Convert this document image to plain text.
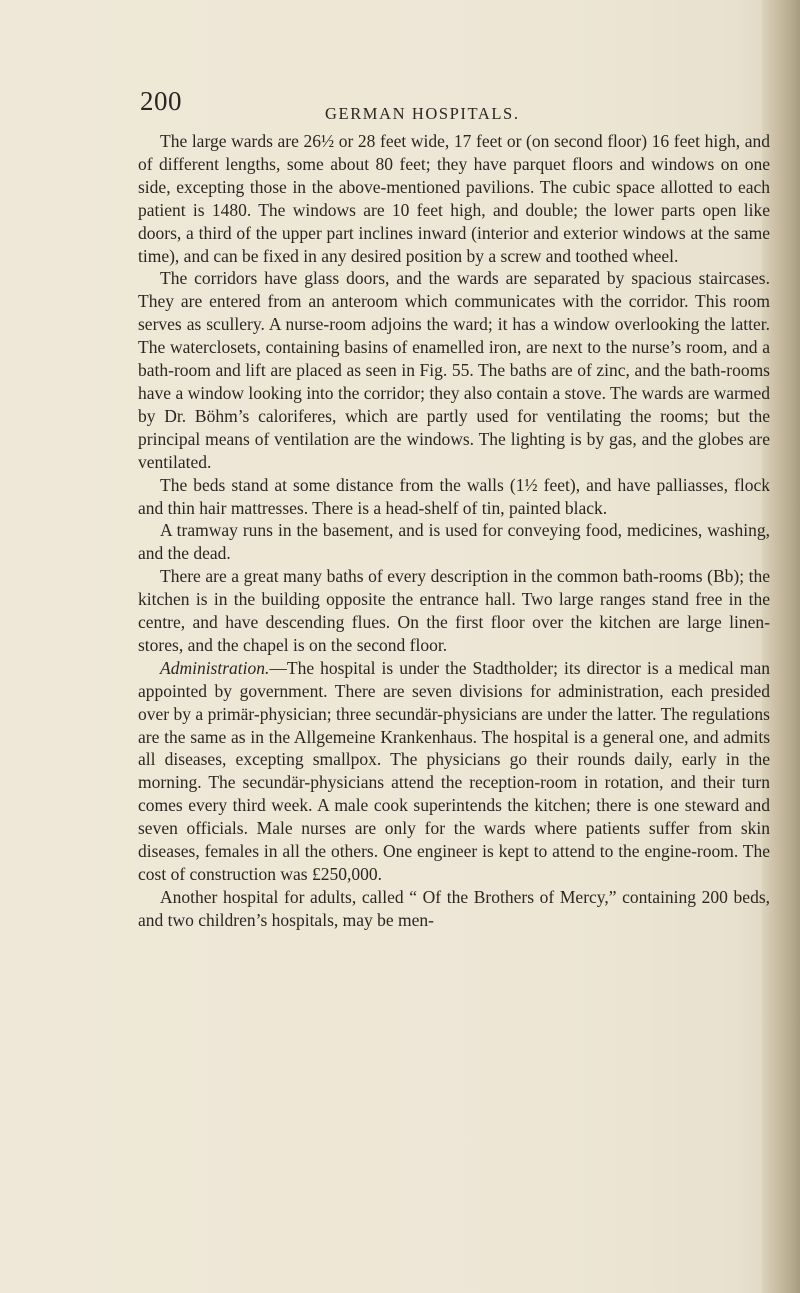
200	GERMAN HOSPITALS.

The large wards are 26½ or 28 feet wide, 17 feet or (on second floor) 16 feet high, and of different lengths, some about 80 feet; they have parquet floors and windows on one side, excepting those in the above-mentioned pavilions. The cubic space allotted to each patient is 1480. The windows are 10 feet high, and double; the lower parts open like doors, a third of the upper part inclines inward (interior and exterior windows at the same time), and can be fixed in any desired position by a screw and toothed wheel.

The corridors have glass doors, and the wards are separated by spacious staircases. They are entered from an anteroom which communicates with the corridor. This room serves as scullery. A nurse-room adjoins the ward; it has a window overlooking the latter. The waterclosets, containing basins of enamelled iron, are next to the nurse’s room, and a bath-room and lift are placed as seen in Fig. 55. The baths are of zinc, and the bath-rooms have a window looking into the corridor; they also contain a stove. The wards are warmed by Dr. Böhm’s caloriferes, which are partly used for ventilating the rooms; but the principal means of ventilation are the windows. The lighting is by gas, and the globes are ventilated.

The beds stand at some distance from the walls (1½ feet), and have palliasses, flock and thin hair mattresses. There is a head-shelf of tin, painted black.

A tramway runs in the basement, and is used for conveying food, medicines, washing, and the dead.

There are a great many baths of every description in the common bath-rooms (Bb); the kitchen is in the building opposite the entrance hall. Two large ranges stand free in the centre, and have descending flues. On the first floor over the kitchen are large linen-stores, and the chapel is on the second floor.

Administration.—The hospital is under the Stadtholder; its director is a medical man appointed by government. There are seven divisions for administration, each presided over by a primär-physician; three secundär-physicians are under the latter. The regulations are the same as in the Allgemeine Krankenhaus. The hospital is a general one, and admits all diseases, excepting smallpox. The physicians go their rounds daily, early in the morning. The secundär-physicians attend the reception-room in rotation, and their turn comes every third week. A male cook superintends the kitchen; there is one steward and seven officials. Male nurses are only for the wards where patients suffer from skin diseases, females in all the others. One engineer is kept to attend to the engine-room. The cost of construction was £250,000.

Another hospital for adults, called “ Of the Brothers of Mercy,” containing 200 beds, and two children’s hospitals, may be men-
